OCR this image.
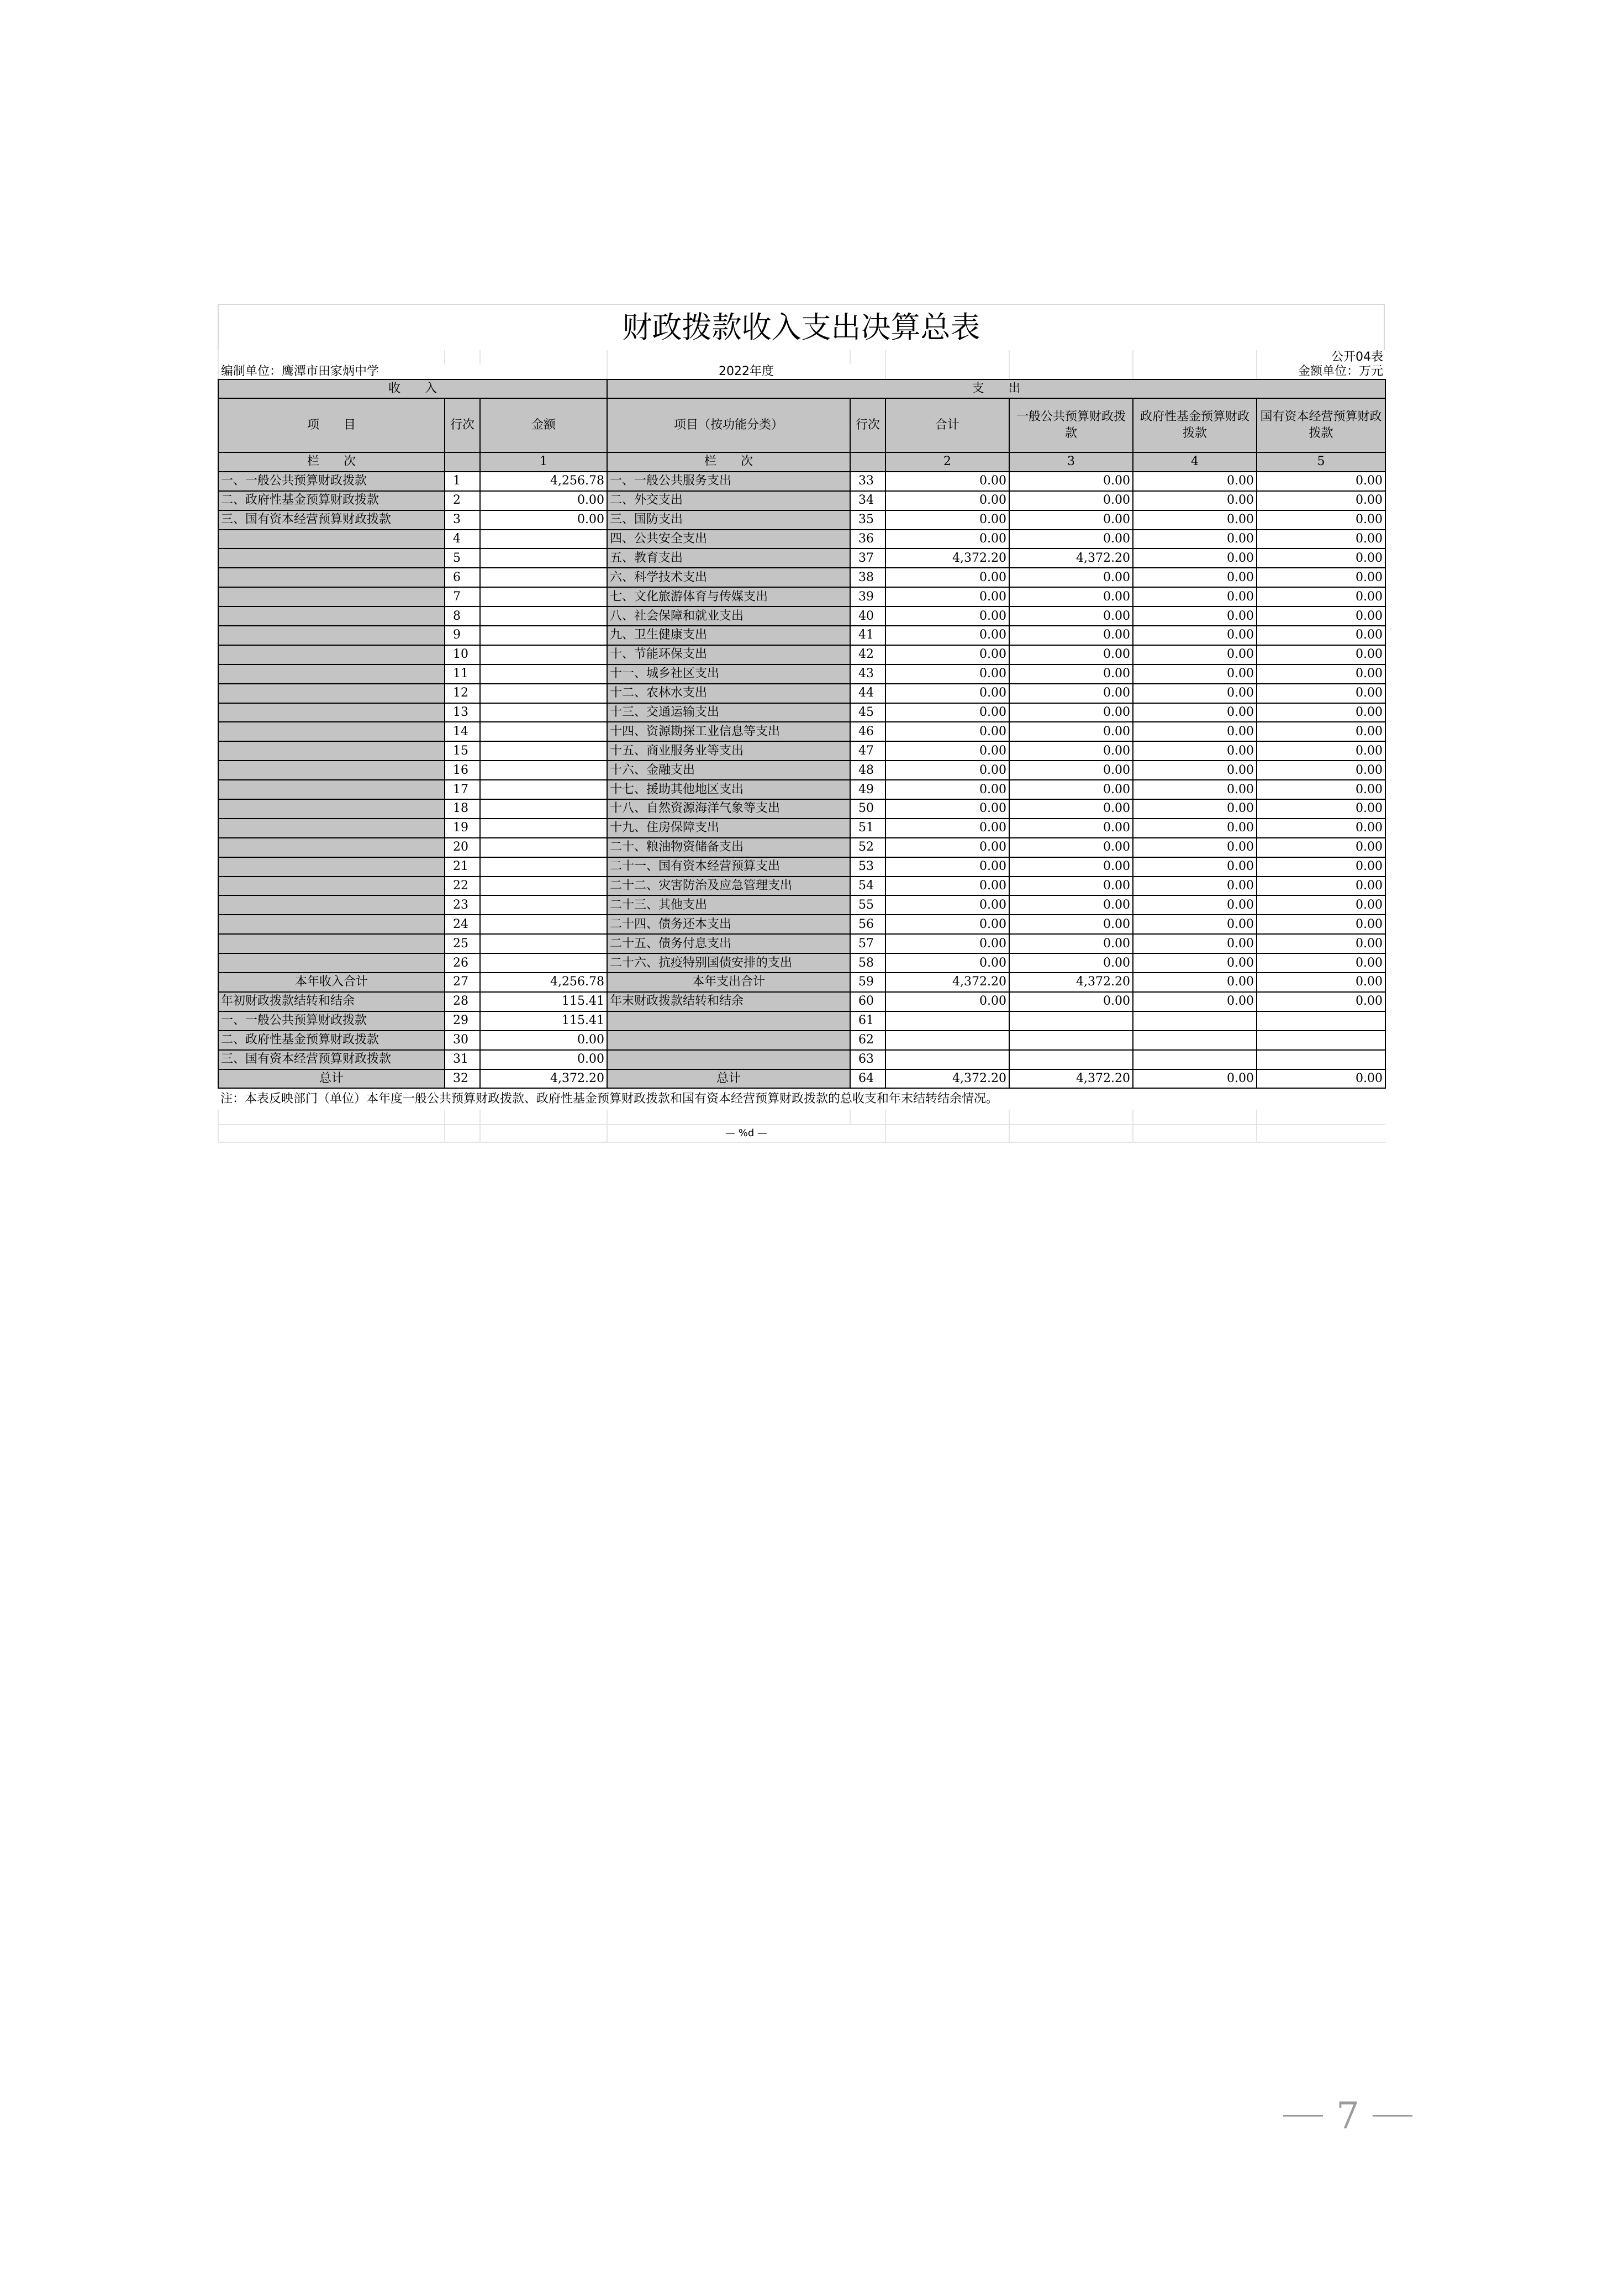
财政拨款收入支出决算总表
								公开04表
编制单位：鹰潭市田家炳中学			2022年度					金额单位：万元
收　　入			支　　出					
项　　目	行次	金额	项目（按功能分类）	行次	合计	一般公共预算财政拨款	政府性基金预算财政拨款	国有资本经营预算财政拨款
栏　　次		1	栏　　次		2	3	4	5
一、一般公共预算财政拨款	1	4,256.78	一、一般公共服务支出	33	0.00	0.00	0.00	0.00
二、政府性基金预算财政拨款	2	0.00	二、外交支出	34	0.00	0.00	0.00	0.00
三、国有资本经营预算财政拨款	3	0.00	三、国防支出	35	0.00	0.00	0.00	0.00
	4		四、公共安全支出	36	0.00	0.00	0.00	0.00
	5		五、教育支出	37	4,372.20	4,372.20	0.00	0.00
	6		六、科学技术支出	38	0.00	0.00	0.00	0.00
	7		七、文化旅游体育与传媒支出	39	0.00	0.00	0.00	0.00
	8		八、社会保障和就业支出	40	0.00	0.00	0.00	0.00
	9		九、卫生健康支出	41	0.00	0.00	0.00	0.00
	10		十、节能环保支出	42	0.00	0.00	0.00	0.00
	11		十一、城乡社区支出	43	0.00	0.00	0.00	0.00
	12		十二、农林水支出	44	0.00	0.00	0.00	0.00
	13		十三、交通运输支出	45	0.00	0.00	0.00	0.00
	14		十四、资源勘探工业信息等支出	46	0.00	0.00	0.00	0.00
	15		十五、商业服务业等支出	47	0.00	0.00	0.00	0.00
	16		十六、金融支出	48	0.00	0.00	0.00	0.00
	17		十七、援助其他地区支出	49	0.00	0.00	0.00	0.00
	18		十八、自然资源海洋气象等支出	50	0.00	0.00	0.00	0.00
	19		十九、住房保障支出	51	0.00	0.00	0.00	0.00
	20		二十、粮油物资储备支出	52	0.00	0.00	0.00	0.00
	21		二十一、国有资本经营预算支出	53	0.00	0.00	0.00	0.00
	22		二十二、灾害防治及应急管理支出	54	0.00	0.00	0.00	0.00
	23		二十三、其他支出	55	0.00	0.00	0.00	0.00
	24		二十四、债务还本支出	56	0.00	0.00	0.00	0.00
	25		二十五、债务付息支出	57	0.00	0.00	0.00	0.00
	26		二十六、抗疫特别国债安排的支出	58	0.00	0.00	0.00	0.00
本年收入合计	27	4,256.78	本年支出合计	59	4,372.20	4,372.20	0.00	0.00
年初财政拨款结转和结余	28	115.41	年末财政拨款结转和结余	60	0.00	0.00	0.00	0.00
一、一般公共预算财政拨款	29	115.41		61				
二、政府性基金预算财政拨款	30	0.00		62				
三、国有资本经营预算财政拨款	31	0.00		63				
总计	32	4,372.20	总计	64	4,372.20	4,372.20	0.00	0.00
注：本表反映部门（单位）本年度一般公共预算财政拨款、政府性基金预算财政拨款和国有资本经营预算财政拨款的总收支和年末结转结余情况。								

			— %d —					
7
